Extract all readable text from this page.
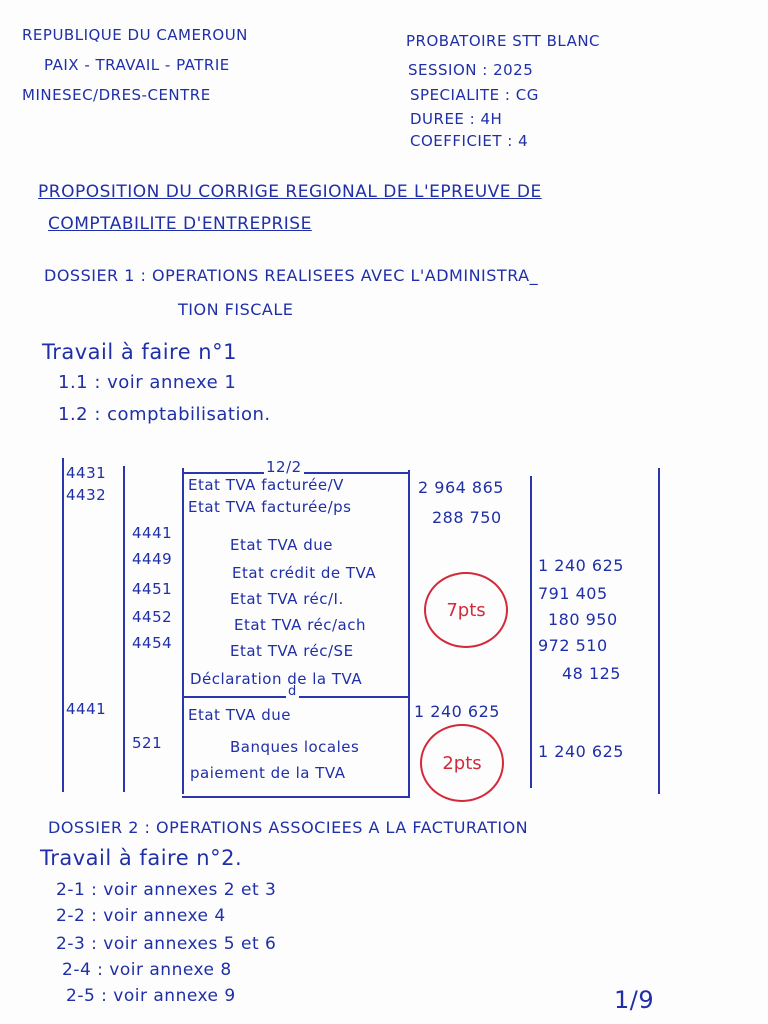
REPUBLIQUE DU CAMEROUN
PAIX - TRAVAIL - PATRIE
MINESEC/DRES-CENTRE
PROBATOIRE STT BLANC
SESSION : 2025
SPECIALITE : CG
DUREE : 4H
COEFFICIET : 4
PROPOSITION DU CORRIGE REGIONAL DE L'EPREUVE DE
COMPTABILITE D'ENTREPRISE
DOSSIER 1 : OPERATIONS REALISEES AVEC L'ADMINISTRA_
TION FISCALE
Travail à faire n°1
1.1 : voir annexe 1
1.2 : comptabilisation.
12/2
d
4431
4432
4441
4449
4451
4452
4454
Etat TVA facturée/V
Etat TVA facturée/ps
Etat TVA due
Etat crédit de TVA
Etat TVA réc/I.
Etat TVA réc/ach
Etat TVA réc/SE
Déclaration de la TVA
2 964 865
288 750
1 240 625
791 405
180 950
972 510
48 125
7pts
4441
521
Etat TVA due
Banques locales
paiement de la TVA
1 240 625
1 240 625
2pts
DOSSIER 2 : OPERATIONS ASSOCIEES A LA FACTURATION
Travail à faire n°2.
2-1 : voir annexes 2 et 3
2-2 : voir annexe 4
2-3 : voir annexes 5 et 6
2-4 : voir annexe 8
2-5 : voir annexe 9	1/9
